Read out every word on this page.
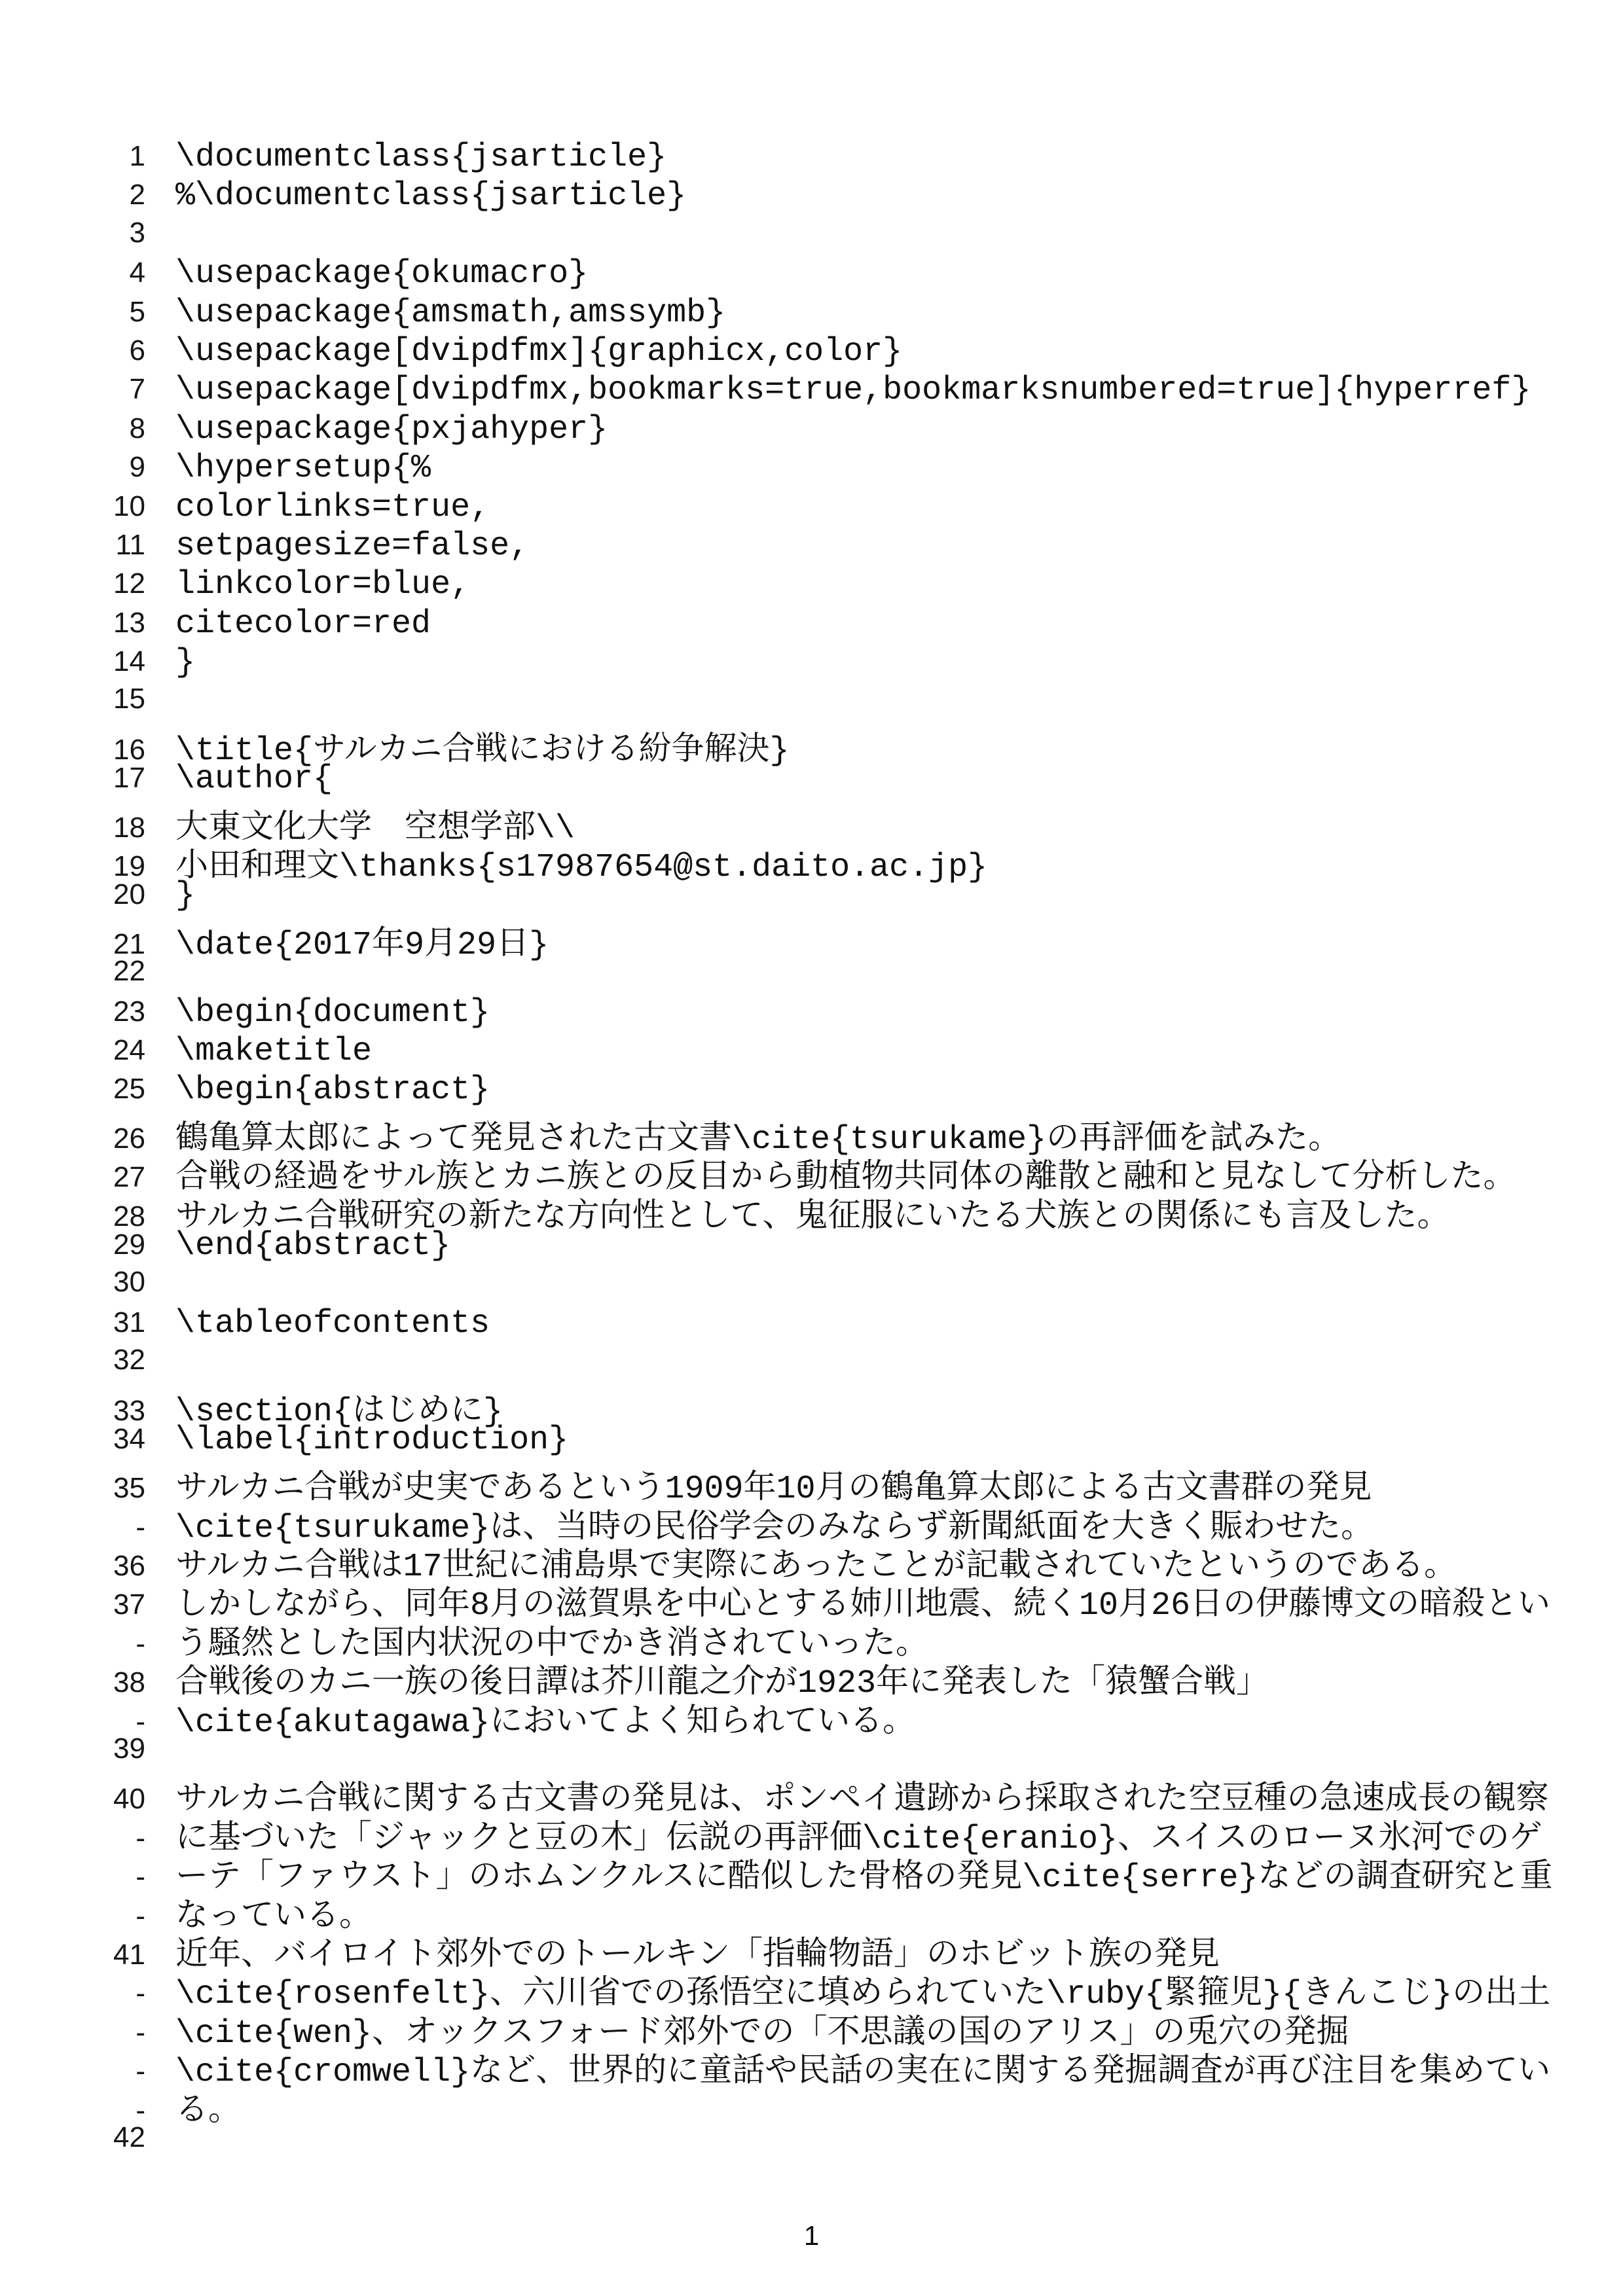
1 \documentclass{jsarticle}
2 %\documentclass{jsarticle}
3
4 \usepackage{okumacro}
5 \usepackage{amsmath,amssymb}
6 \usepackage[dvipdfmx]{graphicx,color}
7 \usepackage[dvipdfmx,bookmarks=true,bookmarksnumbered=true]{hyperref}
8 \usepackage{pxjahyper}
9 \hypersetup{%
10 colorlinks=true,
11 setpagesize=false,
12 linkcolor=blue,
13 citecolor=red
14 }
15
16 \title{サルカニ合戦における紛争解決}
17 \author{
18 大東文化大学　空想学部\\
19 小田和理文\thanks{s17987654@st.daito.ac.jp}
20 }
21 \date{2017年9月29日}
22
23 \begin{document}
24 \maketitle
25 \begin{abstract}
26 鶴亀算太郎によって発見された古文書\cite{tsurukame}の再評価を試みた。
27 合戦の経過をサル族とカニ族との反目から動植物共同体の離散と融和と見なして分析した。
28 サルカニ合戦研究の新たな方向性として、鬼征服にいたる犬族との関係にも言及した。
29 \end{abstract}
30
31 \tableofcontents
32
33 \section{はじめに}
34 \label{introduction}
35 サルカニ合戦が史実であるという1909年10月の鶴亀算太郎による古文書群の発見
- \cite{tsurukame}は、当時の民俗学会のみならず新聞紙面を大きく賑わせた。
36 サルカニ合戦は17世紀に浦島県で実際にあったことが記載されていたというのである。
37 しかしながら、同年8月の滋賀県を中心とする姉川地震、続く10月26日の伊藤博文の暗殺とい
- う騒然とした国内状況の中でかき消されていった。
38 合戦後のカニ一族の後日譚は芥川龍之介が1923年に発表した「猿蟹合戦」
- \cite{akutagawa}においてよく知られている。
39
40 サルカニ合戦に関する古文書の発見は、ポンペイ遺跡から採取された空豆種の急速成長の観察
- に基づいた「ジャックと豆の木」伝説の再評価\cite{eranio}、スイスのローヌ氷河でのゲ
- ーテ「ファウスト」のホムンクルスに酷似した骨格の発見\cite{serre}などの調査研究と重
- なっている。
41 近年、バイロイト郊外でのトールキン「指輪物語」のホビット族の発見
- \cite{rosenfelt}、六川省での孫悟空に填められていた\ruby{緊箍児}{きんこじ}の出土
- \cite{wen}、オックスフォード郊外での「不思議の国のアリス」の兎穴の発掘
- \cite{cromwell}など、世界的に童話や民話の実在に関する発掘調査が再び注目を集めてい
- る。
42
1
